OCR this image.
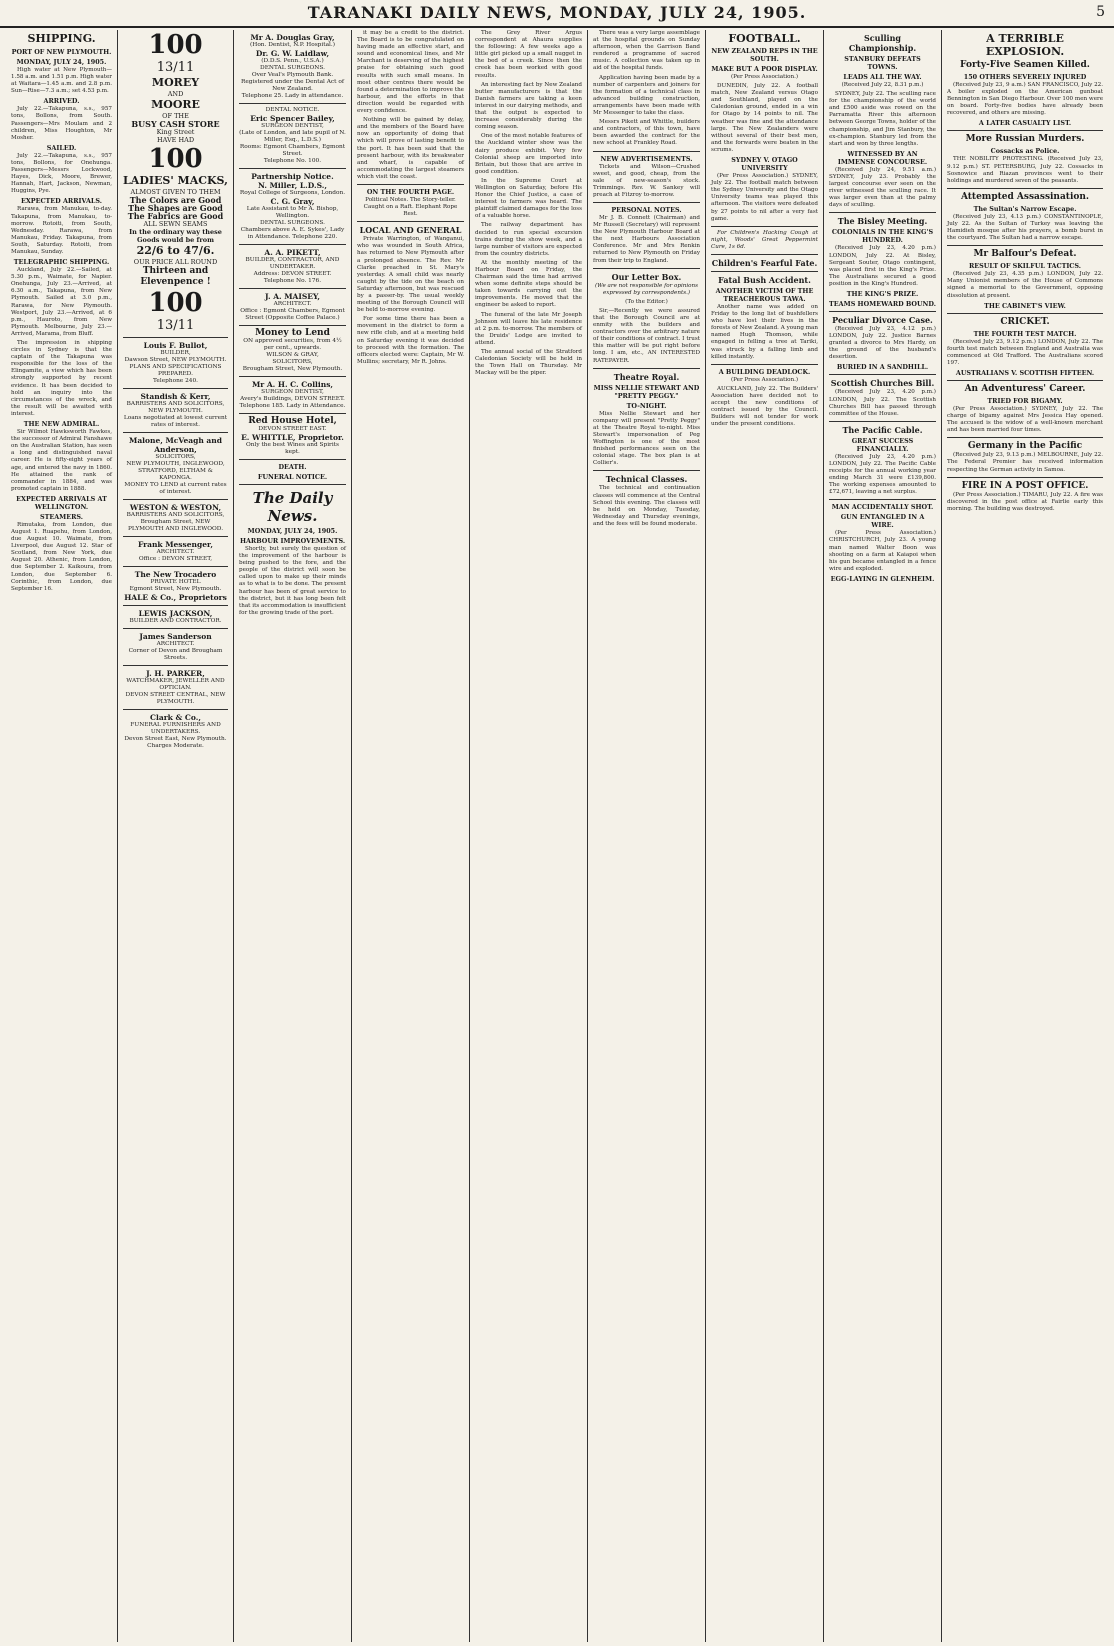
TARANAKI DAILY NEWS, MONDAY, JULY 24, 1905.	5
SHIPPING.
PORT OF NEW PLYMOUTH.
MONDAY, JULY 24, 1905.

High water at New Plymouth—1.58 a.m. and 1.51 p.m. High water at Waitara—1.45 a.m. and 2.8 p.m. Sun—Rise—7.3 a.m.; set 4.53 p.m.

ARRIVED.

July 22.—Takapuna, s.s., 957 tons, Bollons, from South. Passengers—Mrs Moulam and 2 children, Miss Houghton, Mr Mosher.

SAILED.

July 22.—Takapuna, s.s., 957 tons, Bollons, for Onehunga. Passengers—Messrs Lockwood, Hayes, Dick, Moore, Brewer, Hannah, Hart, Jackson, Newman, Huggins, Pye.

EXPECTED ARRIVALS.

Rarawa, from Manukau, to-day. Takapuna, from Manukau, to-morrow. Rotoiti, from South, Wednesday. Rarawa, from Manukau, Friday. Takapuna, from South, Saturday. Rotoiti, from Manukau, Sunday.

TELEGRAPHIC SHIPPING.

Auckland, July 22.—Sailed, at 5.30 p.m., Waimate, for Napier. Onehunga, July 23.—Arrived, at 6.30 a.m., Takapuna, from New Plymouth. Sailed at 3.0 p.m., Rarawa, for New Plymouth. Westport, July 23.—Arrived, at 6 p.m., Hauroto, from New Plymouth. Melbourne, July 23.—Arrived, Marama, from Bluff.

The impression in shipping circles in Sydney is that the captain of the Takapuna was responsible for the loss of the Elingamite, a view which has been strongly supported by recent evidence. It has been decided to hold an inquiry into the circumstances of the wreck, and the result will be awaited with interest.

THE NEW ADMIRAL.

Sir Wilmot Hawksworth Fawkes, the successor of Admiral Fanshawe on the Australian Station, has seen a long and distinguished naval career. He is fifty-eight years of age, and entered the navy in 1860. He attained the rank of commander in 1884, and was promoted captain in 1888.

EXPECTED ARRIVALS AT WELLINGTON.
STEAMERS.

Rimutaka, from London, due August 1. Ruapehu, from London, due August 10. Waimate, from Liverpool, due August 12. Star of Scotland, from New York, due August 20. Athenic, from London, due September 2. Kaikoura, from London, due September 6. Corinthic, from London, due September 16.

100
13/11
MOREY
AND
MOORE
OF THE
BUSY CASH STORE
King Street
HAVE HAD
100
LADIES' MACKS,
ALMOST GIVEN TO THEM
The Colors are Good
The Shapes are Good
The Fabrics are Good
ALL SEWN SEAMS
In the ordinary way these Goods would be from
22/6 to 47/6.
OUR PRICE ALL ROUND
Thirteen and Elevenpence !
100
13/11
Louis F. Bullot,
BUILDER,
Dawson Street, NEW PLYMOUTH.
PLANS AND SPECIFICATIONS PREPARED.
Telephone 240.
Standish & Kerr,
BARRISTERS AND SOLICITORS,
NEW PLYMOUTH.
Loans negotiated at lowest current rates of interest.
Malone, McVeagh and Anderson,
SOLICITORS,
NEW PLYMOUTH, INGLEWOOD, STRATFORD, ELTHAM & KAPONGA.
MONEY TO LEND at current rates of interest.
WESTON & WESTON,
BARRISTERS AND SOLICITORS,
Brougham Street, NEW PLYMOUTH AND INGLEWOOD.
Frank Messenger,
ARCHITECT.
Office : DEVON STREET,
The New Trocadero
PRIVATE HOTEL
Egmont Street, New Plymouth.
HALE & Co., Proprietors
LEWIS JACKSON,
BUILDER AND CONTRACTOR.
James Sanderson
ARCHITECT.
Corner of Devon and Brougham Streets.
J. H. PARKER,
WATCHMAKER, JEWELLER AND OPTICIAN.
DEVON STREET CENTRAL, NEW PLYMOUTH.
Clark & Co.,
FUNERAL FURNISHERS AND UNDERTAKERS.
Devon Street East, New Plymouth.
Charges Moderate.
Mr A. Douglas Gray,
(Hon. Dentist, N.P. Hospital.)
Dr. G. W. Laidlaw,
(D.D.S. Penn., U.S.A.)
DENTAL SURGEONS.
Over Veal's Plymouth Bank. Registered under the Dental Act of New Zealand.
Telephone 25. Lady in attendance.
DENTAL NOTICE.
Eric Spencer Bailey,
SURGEON DENTIST,
(Late of London, and late pupil of N. Miller, Esq., L.D.S.)
Rooms: Egmont Chambers, Egmont Street.
Telephone No. 100.
Partnership Notice.
N. Miller, L.D.S.,
Royal College of Surgeons, London.
C. G. Gray,
Late Assistant to Mr A. Bishop, Wellington.
DENTAL SURGEONS.
Chambers above A. E. Sykes', Lady in Attendance. Telephone 220.
A. A. PIKETT,
BUILDER, CONTRACTOR, AND UNDERTAKER.
Address: DEVON STREET. Telephone No. 176.
J. A. MAISEY,
ARCHITECT.
Office : Egmont Chambers, Egmont Street (Opposite Coffee Palace.)
Money to Lend
ON approved securities, from 4½ per cent., upwards.
WILSON & GRAY,
SOLICITORS,
Brougham Street, New Plymouth.
Mr A. H. C. Collins,
SURGEON DENTIST,
Avery's Buildings, DEVON STREET.
Telephone 185. Lady in Attendance.
Red House Hotel,
DEVON STREET EAST.
E. WHITTLE, Proprietor.
Only the best Wines and Spirits kept.
DEATH.
FUNERAL NOTICE.
The Daily News.
MONDAY, JULY 24, 1905.
HARBOUR IMPROVEMENTS.

Shortly, but surely the question of the improvement of the harbour is being pushed to the fore, and the people of the district will soon be called upon to make up their minds as to what is to be done. The present harbour has been of great service to the district, but it has long been felt that its accommodation is insufficient for the growing trade of the port.

it may be a credit to the district. The Board is to be congratulated on having made an effective start, and sound and economical lines, and Mr Marchant is deserving of the highest praise for obtaining such good results with such small means. In most other centres there would be found a determination to improve the harbour, and the efforts in that direction would be regarded with every confidence.

Nothing will be gained by delay, and the members of the Board have now an opportunity of doing that which will prove of lasting benefit to the port. It has been said that the present harbour, with its breakwater and wharf, is capable of accommodating the largest steamers which visit the coast.

ON THE FOURTH PAGE.

Political Notes. The Story-teller. Caught on a Raft. Elephant Rope Rest.

LOCAL AND GENERAL

Private Warrington, of Wanganui, who was wounded in South Africa, has returned to New Plymouth after a prolonged absence. The Rev. Mr Clarke preached in St. Mary's yesterday. A small child was nearly caught by the tide on the beach on Saturday afternoon, but was rescued by a passer-by. The usual weekly meeting of the Borough Council will be held to-morrow evening.

For some time there has been a movement in the district to form a new rifle club, and at a meeting held on Saturday evening it was decided to proceed with the formation. The officers elected were: Captain, Mr W. Mullins; secretary, Mr R. Johns.

The Grey River Argus correspondent at Ahaura supplies the following: A few weeks ago a little girl picked up a small nugget in the bed of a creek. Since then the creek has been worked with good results.

An interesting fact by New Zealand butter manufacturers is that the Danish farmers are taking a keen interest in our dairying methods, and that the output is expected to increase considerably during the coming season.

One of the most notable features of the Auckland winter show was the dairy produce exhibit. Very few Colonial sheep are imported into Britain, but those that are arrive in good condition.

In the Supreme Court at Wellington on Saturday, before His Honor the Chief Justice, a case of interest to farmers was heard. The plaintiff claimed damages for the loss of a valuable horse.

The railway department has decided to run special excursion trains during the show week, and a large number of visitors are expected from the country districts.

At the monthly meeting of the Harbour Board on Friday, the Chairman said the time had arrived when some definite steps should be taken towards carrying out the improvements. He moved that the engineer be asked to report.

The funeral of the late Mr Joseph Johnson will leave his late residence at 2 p.m. to-morrow. The members of the Druids' Lodge are invited to attend.

The annual social of the Stratford Caledonian Society will be held in the Town Hall on Thursday. Mr Mackay will be the piper.

There was a very large assemblage at the hospital grounds on Sunday afternoon, when the Garrison Band rendered a programme of sacred music. A collection was taken up in aid of the hospital funds.

Application having been made by a number of carpenters and joiners for the formation of a technical class in advanced building construction, arrangements have been made with Mr Messenger to take the class.

Messrs Pikett and Whittle, builders and contractors, of this town, have been awarded the contract for the new school at Frankley Road.

NEW ADVERTISEMENTS.

Tickets and Wilson—Crushed sweet, and good, cheap, from the sale of new-season's stock. Trimmings. Rev. W. Sankey will preach at Fitzroy to-morrow.

PERSONAL NOTES.

Mr J. B. Connett (Chairman) and Mr Russell (Secretary) will represent the New Plymouth Harbour Board at the next Harbours Association Conference. Mr and Mrs Renkin returned to New Plymouth on Friday from their trip to England.

Our Letter Box.

(We are not responsible for opinions expressed by correspondents.)

(To the Editor.)

Sir,—Recently we were assured that the Borough Council are at enmity with the builders and contractors over the arbitrary nature of their conditions of contract. I trust this matter will be put right before long. I am, etc., AN INTERESTED RATEPAYER.

Theatre Royal.
MISS NELLIE STEWART AND "PRETTY PEGGY."
TO-NIGHT.

Miss Nellie Stewart and her company will present "Pretty Peggy" at the Theatre Royal to-night. Miss Stewart's impersonation of Peg Woffington is one of the most finished performances seen on the colonial stage. The box plan is at Collier's.

Technical Classes.

The technical and continuation classes will commence at the Central School this evening. The classes will be held on Monday, Tuesday, Wednesday and Thursday evenings, and the fees will be found moderate.

FOOTBALL.
NEW ZEALAND REPS IN THE SOUTH.
MAKE BUT A POOR DISPLAY.

(Per Press Association.)

DUNEDIN, July 22. A football match, New Zealand versus Otago and Southland, played on the Caledonian ground, ended in a win for Otago by 14 points to nil. The weather was fine and the attendance large. The New Zealanders were without several of their best men, and the forwards were beaten in the scrums.

SYDNEY V. OTAGO UNIVERSITY

(Per Press Association.) SYDNEY, July 22. The football match between the Sydney University and the Otago University teams was played this afternoon. The visitors were defeated by 27 points to nil after a very fast game.

For Children's Hacking Cough at night, Woods' Great Peppermint Cure, 1s 6d.

Children's Fearful Fate.
Fatal Bush Accident.
ANOTHER VICTIM OF THE TREACHEROUS TAWA.

Another name was added on Friday to the long list of bushfellers who have lost their lives in the forests of New Zealand. A young man named Hugh Thomson, while engaged in felling a tree at Tariki, was struck by a falling limb and killed instantly.

A BUILDING DEADLOCK.

(Per Press Association.)

AUCKLAND, July 22. The Builders' Association have decided not to accept the new conditions of contract issued by the Council. Builders will not tender for work under the present conditions.

Sculling Championship.
STANBURY DEFEATS TOWNS.
LEADS ALL THE WAY.

(Received July 22, 8.31 p.m.)

SYDNEY, July 22. The sculling race for the championship of the world and £500 aside was rowed on the Parramatta River this afternoon between George Towns, holder of the championship, and Jim Stanbury, the ex-champion. Stanbury led from the start and won by three lengths.

WITNESSED BY AN IMMENSE CONCOURSE.

(Received July 24, 9.51 a.m.) SYDNEY, July 23. Probably the largest concourse ever seen on the river witnessed the sculling race. It was larger even than at the palmy days of sculling.

The Bisley Meeting.
COLONIALS IN THE KING'S HUNDRED.

(Received July 23, 4.20 p.m.) LONDON, July 22. At Bisley, Sergeant Souter, Otago contingent, was placed first in the King's Prize. The Australians secured a good position in the King's Hundred.

THE KING'S PRIZE.
TEAMS HOMEWARD BOUND.
Peculiar Divorce Case.

(Received July 23, 4.12 p.m.) LONDON, July 22. Justice Barnes granted a divorce to Mrs Hardy, on the ground of the husband's desertion.

BURIED IN A SANDHILL.
Scottish Churches Bill.

(Received July 23, 4.20 p.m.) LONDON, July 22. The Scottish Churches Bill has passed through committee of the House.

The Pacific Cable.
GREAT SUCCESS FINANCIALLY.

(Received July 23, 4.20 p.m.) LONDON, July 22. The Pacific Cable receipts for the annual working year ending March 31 were £139,800. The working expenses amounted to £72,671, leaving a net surplus.

MAN ACCIDENTALLY SHOT.
GUN ENTANGLED IN A WIRE.

(Per Press Association.) CHRISTCHURCH, July 23. A young man named Walter Boon was shooting on a farm at Kaiapoi when his gun became entangled in a fence wire and exploded.

EGG-LAYING IN GLENHEIM.
A TERRIBLE EXPLOSION.
Forty-Five Seamen Killed.
150 OTHERS SEVERELY INJURED

(Received July 23, 9 a.m.) SAN FRANCISCO, July 22. A boiler exploded on the American gunboat Bennington in San Diego Harbour. Over 100 men were on board. Forty-five bodies have already been recovered, and others are missing.

A LATER CASUALTY LIST.
More Russian Murders.
Cossacks as Police.

THE NOBILITY PROTESTING. (Received July 23, 9.12 p.m.) ST. PETERSBURG, July 22. Cossacks in Sosnowice and Riazan provinces went to their holdings and murdered seven of the peasants.

Attempted Assassination.
The Sultan's Narrow Escape.

(Received July 23, 4.13 p.m.) CONSTANTINOPLE, July 22. As the Sultan of Turkey was leaving the Hamidieh mosque after his prayers, a bomb burst in the courtyard. The Sultan had a narrow escape.

Mr Balfour's Defeat.
RESULT OF SKILFUL TACTICS.

(Received July 23, 4.35 p.m.) LONDON, July 22. Many Unionist members of the House of Commons signed a memorial to the Government, opposing dissolution at present.

THE CABINET'S VIEW.
CRICKET.
THE FOURTH TEST MATCH.

(Received July 23, 9.12 p.m.) LONDON, July 22. The fourth test match between England and Australia was commenced at Old Trafford. The Australians scored 197.

AUSTRALIANS V. SCOTTISH FIFTEEN.
An Adventuress' Career.
TRIED FOR BIGAMY.

(Per Press Association.) SYDNEY, July 22. The charge of bigamy against Mrs Jessica Hay opened. The accused is the widow of a well-known merchant and has been married four times.

Germany in the Pacific

(Received July 23, 9.13 p.m.) MELBOURNE, July 22. The Federal Premier has received information respecting the German activity in Samoa.

FIRE IN A POST OFFICE.

(Per Press Association.) TIMARU, July 22. A fire was discovered in the post office at Fairlie early this morning. The building was destroyed.
